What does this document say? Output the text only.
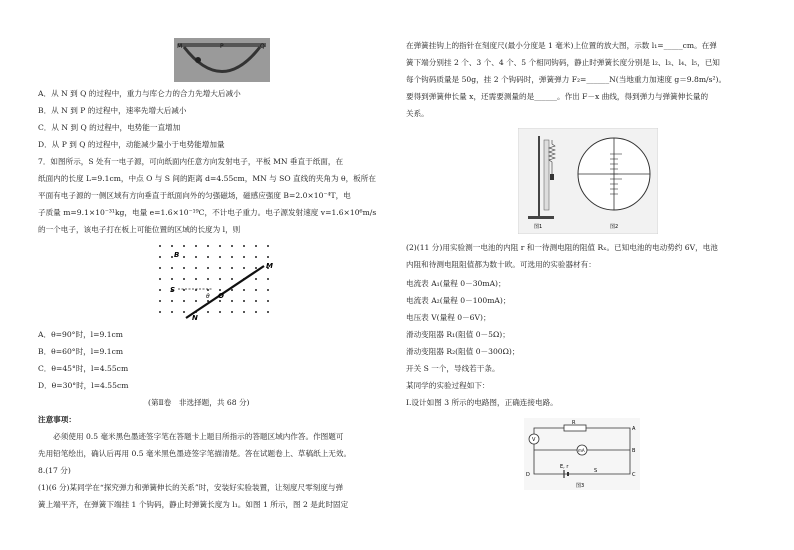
M	P	Q
A．从 N 到 Q 的过程中，重力与库仑力的合力先增大后减小
B．从 N 到 P 的过程中，速率先增大后减小
C．从 N 到 Q 的过程中，电势能一直增加
D．从 P 到 Q 的过程中，动能减少量小于电势能增加量
7．如图所示，S 处有一电子源，可向纸面内任意方向发射电子，平板 MN 垂直于纸面，在
纸面内的长度 L=9.1cm，中点 O 与 S 间的距离 d=4.55cm，MN 与 SO 直线的夹角为 θ，板所在
平面有电子源的一侧区域有方向垂直于纸面向外的匀强磁场，磁感应强度 B=2.0×10⁻⁴T，电
子质量 m=9.1×10⁻³¹kg，电量 e=1.6×10⁻¹⁹C，不计电子重力。电子源发射速度 v=1.6×10⁶m/s
的一个电子，该电子打在板上可能位置的区域的长度为 l，则
B
S
θ O
M
N
A．θ=90°时，l=9.1cm
B．θ=60°时，l=9.1cm
C．θ=45°时，l=4.55cm
D．θ=30°时，l=4.55cm
(第Ⅱ卷　非选择题，共 68 分)
注意事项：
　　必须使用 0.5 毫米黑色墨迹签字笔在答题卡上题目所指示的答题区域内作答。作图题可
先用铅笔绘出，确认后再用 0.5 毫米黑色墨迹签字笔描清楚。答在试题卷上、草稿纸上无效。
8.(17 分)
(1)(6 分)某同学在“探究弹力和弹簧伸长的关系”时，安装好实验装置，让刻度尺零刻度与弹
簧上端平齐，在弹簧下端挂 1 个钩码，静止时弹簧长度为 l₁。如图 1 所示，图 2 是此时固定
在弹簧挂钩上的指针在刻度尺(最小分度是 1 毫米)上位置的放大图，示数 l₁=_____cm。在弹
簧下端分别挂 2 个、3 个、4 个、5 个相同钩码，静止时弹簧长度分别是 l₂、l₃、l₄、l₅，已知
每个钩码质量是 50g，挂 2 个钩码时，弹簧弹力 F₂=______N(当地重力加速度 g＝9.8m/s²)。
要得到弹簧伸长量 x，还需要测量的是______。作出 F－x 曲线，得到弹力与弹簧伸长量的
关系。
图1	图2
(2)(11 分)用实验测一电池的内阻 r 和一待测电阻的阻值 Rₓ。已知电池的电动势约 6V，电池
内阻和待测电阻阻值都为数十欧。可选用的实验器材有：
电流表 A₁(量程 0－30mA)；
电流表 A₂(量程 0－100mA)；
电压表 V(量程 0－6V)；
滑动变阻器 R₁(阻值 0－5Ω)；
滑动变阻器 R₂(阻值 0－300Ω)；
开关 S 一个，导线若干条。
某同学的实验过程如下：
Ⅰ.设计如图 3 所示的电路图，正确连接电路。
R
V
mA
A
B
C
D
E, r
S
图3
